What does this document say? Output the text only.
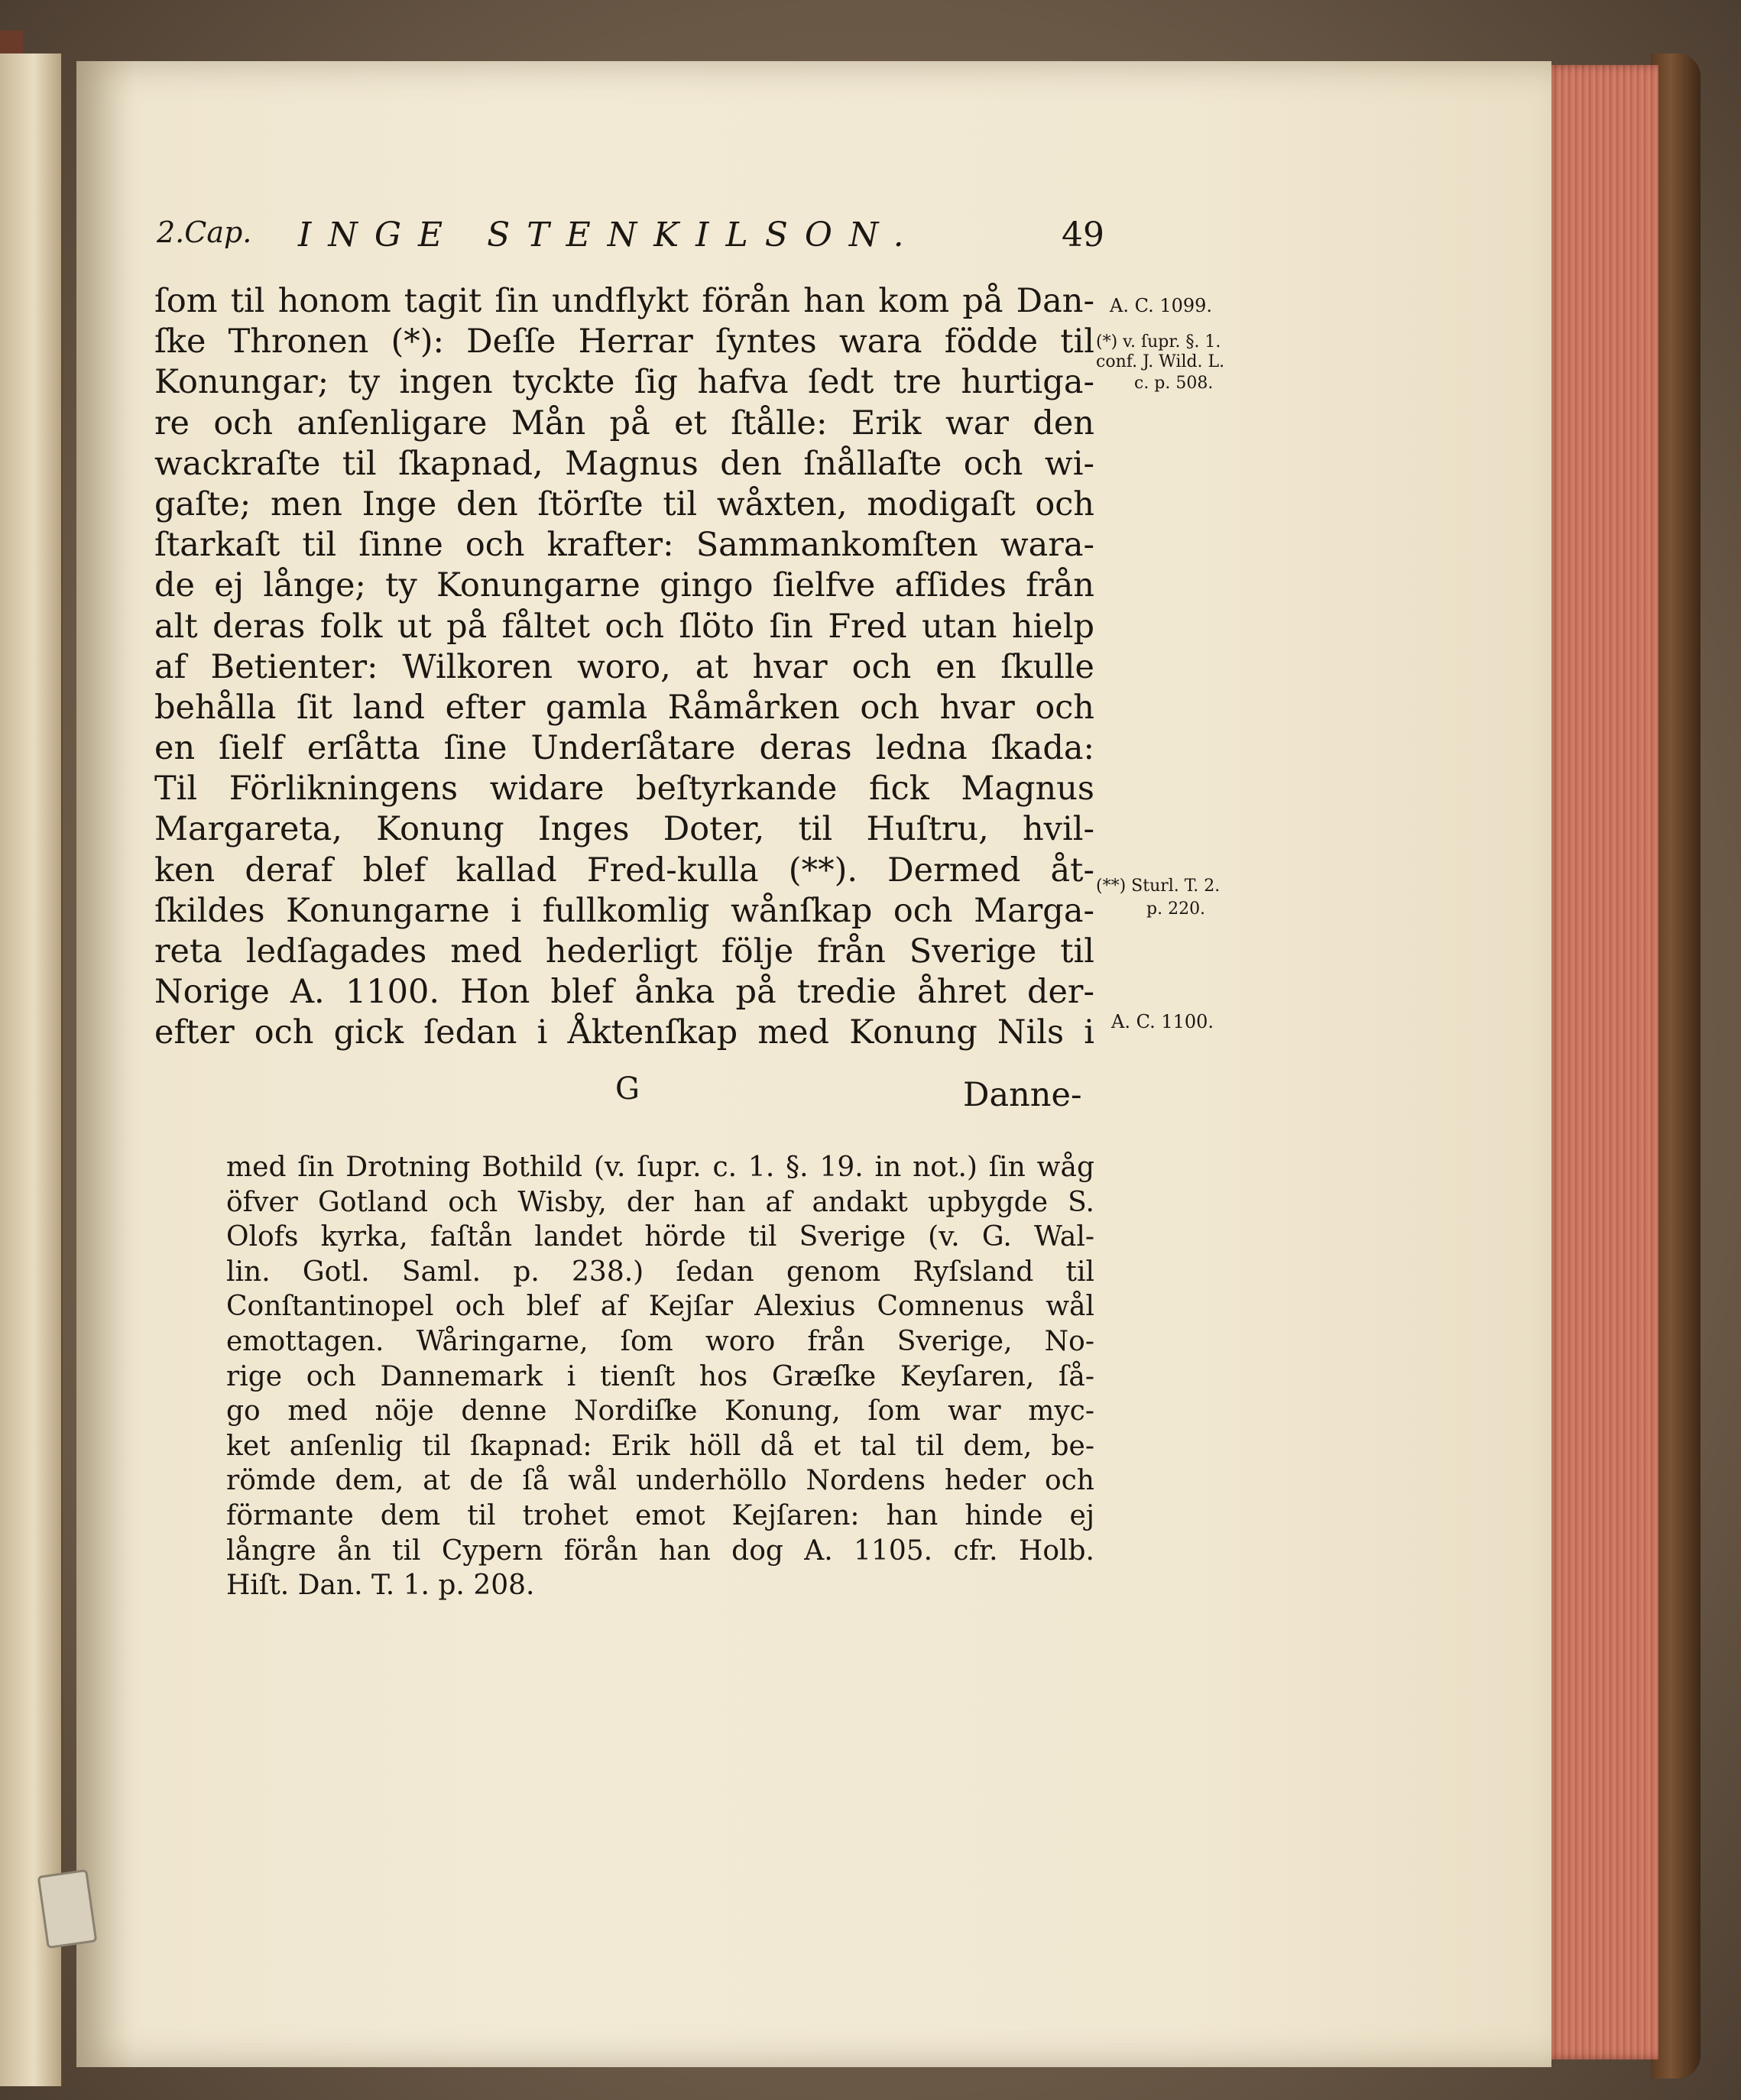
2.Cap. INGE STENKILSON.	49
ſom til honom tagit ſin undflykt förån han kom på Dan-
ſke Thronen (*): Deſſe Herrar ſyntes wara födde til
Konungar; ty ingen tyckte ſig hafva ſedt tre hurtiga-
re och anſenligare Mån på et ſtålle: Erik war den
wackraſte til ſkapnad, Magnus den ſnållaſte och wi-
gaſte; men Inge den ſtörſte til wåxten, modigaſt och
ſtarkaſt til ſinne och krafter: Sammankomſten wara-
de ej långe; ty Konungarne gingo ſielfve afſides från
alt deras folk ut på fåltet och ſlöto ſin Fred utan hielp
af Betienter: Wilkoren woro, at hvar och en ſkulle
behålla ſit land efter gamla Råmårken och hvar och
en ſielf erſåtta ſine Underſåtare deras ledna ſkada:
Til Förlikningens widare beſtyrkande fick Magnus
Margareta, Konung Inges Doter, til Huſtru, hvil-
ken deraf blef kallad Fred-kulla (**). Dermed åt-
ſkildes Konungarne i fullkomlig wånſkap och Marga-
reta ledſagades med hederligt följe från Sverige til
Norige A. 1100. Hon blef ånka på tredie åhret der-
efter och gick ſedan i Åktenſkap med Konung Nils i
G	Danne-
A. C. 1099.
(*) v. ſupr. §. 1.
conf. J. Wild. L.
c. p. 508.
(**) Sturl. T. 2.
p. 220.
A. C. 1100.
med ſin Drotning Bothild (v. ſupr. c. 1. §. 19. in not.) ſin wåg
öfver Gotland och Wisby, der han af andakt upbygde S.
Olofs kyrka, faſtån landet hörde til Sverige (v. G. Wal-
lin. Gotl. Saml. p. 238.) ſedan genom Ryſsland til
Conſtantinopel och blef af Kejſar Alexius Comnenus wål
emottagen. Wåringarne, ſom woro från Sverige, No-
rige och Dannemark i tienſt hos Græſke Keyſaren, ſå-
go med nöje denne Nordiſke Konung, ſom war myc-
ket anſenlig til ſkapnad: Erik höll då et tal til dem, be-
römde dem, at de ſå wål underhöllo Nordens heder och
förmante dem til trohet emot Kejſaren: han hinde ej
långre ån til Cypern förån han dog A. 1105. cfr. Holb.
Hiſt. Dan. T. 1. p. 208.
